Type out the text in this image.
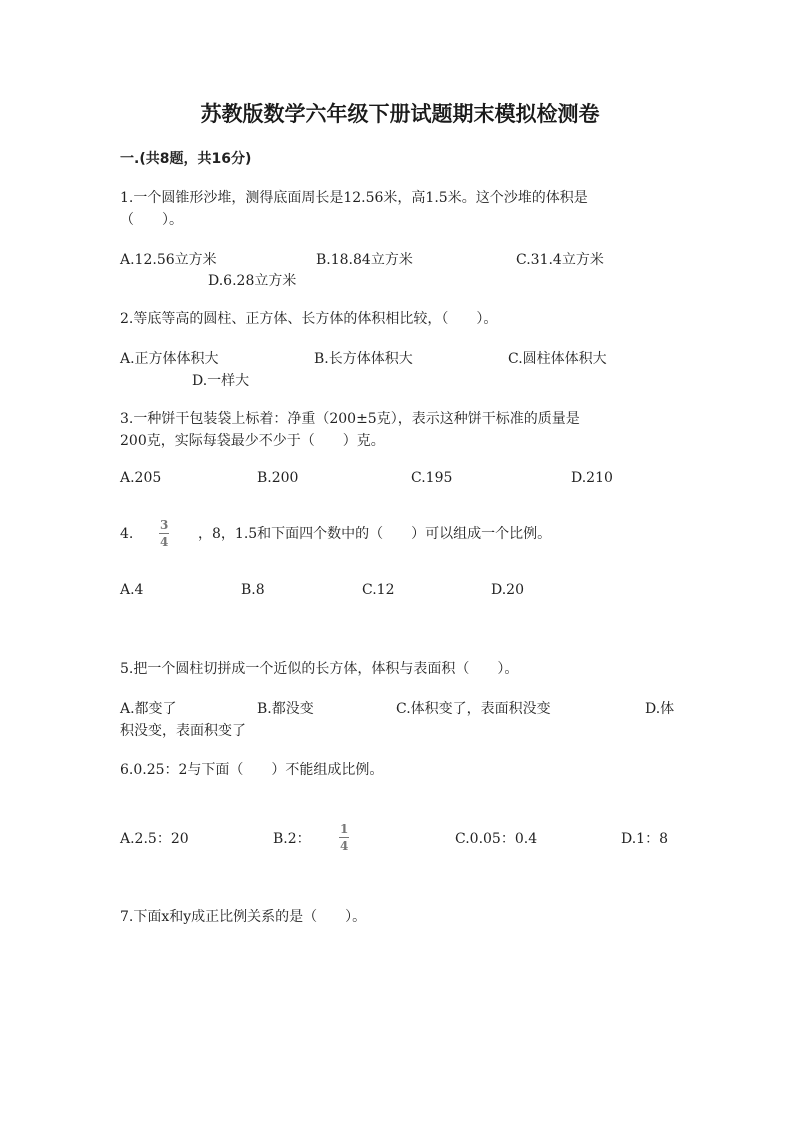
苏教版数学六年级下册试题期末模拟检测卷
一.(共8题，共16分)
1.一个圆锥形沙堆，测得底面周长是12.56米，高1.5米。这个沙堆的体积是
（　　）。
A.12.56立方米	B.18.84立方米	C.31.4立方米
D.6.28立方米
2.等底等高的圆柱、正方体、长方体的体积相比较，（　　）。
A.正方体体积大	B.长方体体积大	C.圆柱体体积大
D.一样大
3.一种饼干包装袋上标着：净重（200±5克），表示这种饼干标准的质量是
200克，实际每袋最少不少于（　　）克。
A.205	B.200	C.195	D.210
4. $\frac{3}{4}$ ，8，1.5和下面四个数中的（　　）可以组成一个比例。
A.4	B.8	C.12	D.20
5.把一个圆柱切拼成一个近似的长方体，体积与表面积（　　）。
A.都变了	B.都没变	C.体积变了，表面积没变	D.体
积没变，表面积变了
6.0.25：2与下面（　　）不能组成比例。
A.2.5：20	B.2： $\frac{1}{4}$	C.0.05：0.4	D.1：8
7.下面x和y成正比例关系的是（　　）。
